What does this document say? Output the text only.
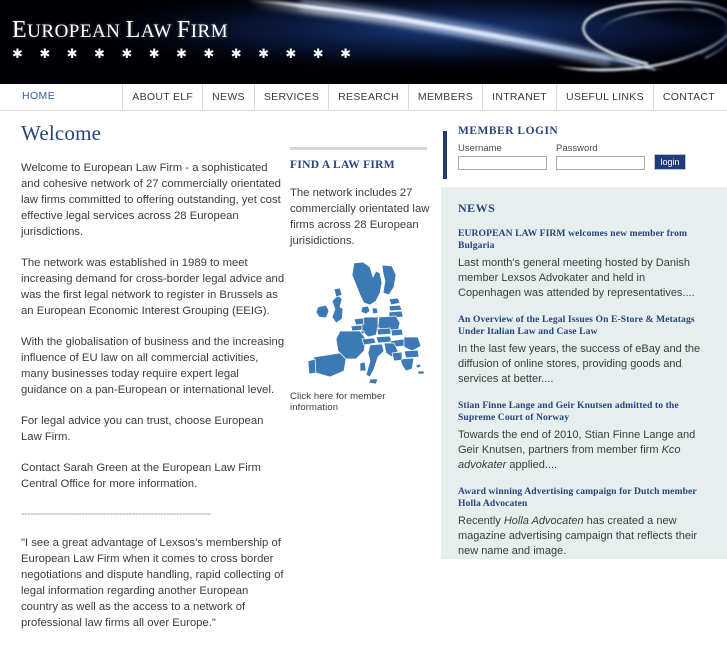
EUROPEAN LAW FIRM
✱ ✱ ✱ ✱ ✱ ✱ ✱ ✱ ✱ ✱ ✱ ✱ ✱
HOME	ABOUT ELF	NEWS	SERVICES	RESEARCH	MEMBERS	INTRANET	USEFUL LINKS	CONTACT
Welcome

Welcome to European Law Firm - a sophisticated and cohesive network of 27 commercially orientated law firms committed to offering outstanding, yet cost effective legal services across 28 European jurisdictions.

The network was established in 1989 to meet increasing demand for cross-border legal advice and was the first legal network to register in Brussels as an European Economic Interest Grouping (EEIG).

With the globalisation of business and the increasing influence of EU law on all commercial activities, many businesses today require expert legal guidance on a pan-European or international level.

For legal advice you can trust, choose European Law Firm.

Contact Sarah Green at the European Law Firm Central Office for more information.

------------------------------------------------------------

"I see a great advantage of Lexsos's membership of European Law Firm when it comes to cross border negotiations and dispute handling, rapid collecting of legal information regarding another European country as well as the access to a network of professional law firms all over Europe."

FIND A LAW FIRM

The network includes 27 commercially orientated law firms across 28 European jurisidictions.

Click here for member information
MEMBER LOGIN
Username	Password
login
NEWS
EUROPEAN LAW FIRM welcomes new member from Bulgaria

Last month's general meeting hosted by Danish member Lexsos Advokater and held in Copenhagen was attended by representatives....

An Overview of the Legal Issues On E-Store & Metatags Under Italian Law and Case Law

In the last few years, the success of eBay and the diffusion of online stores, providing goods and services at better....

Stian Finne Lange and Geir Knutsen admitted to the Supreme Court of Norway

Towards the end of 2010, Stian Finne Lange and Geir Knutsen, partners from member firm Kco advokater applied....

Award winning Advertising campaign for Dutch member Holla Advocaten

Recently Holla Advocaten has created a new magazine advertising campaign that reflects their new name and image.
